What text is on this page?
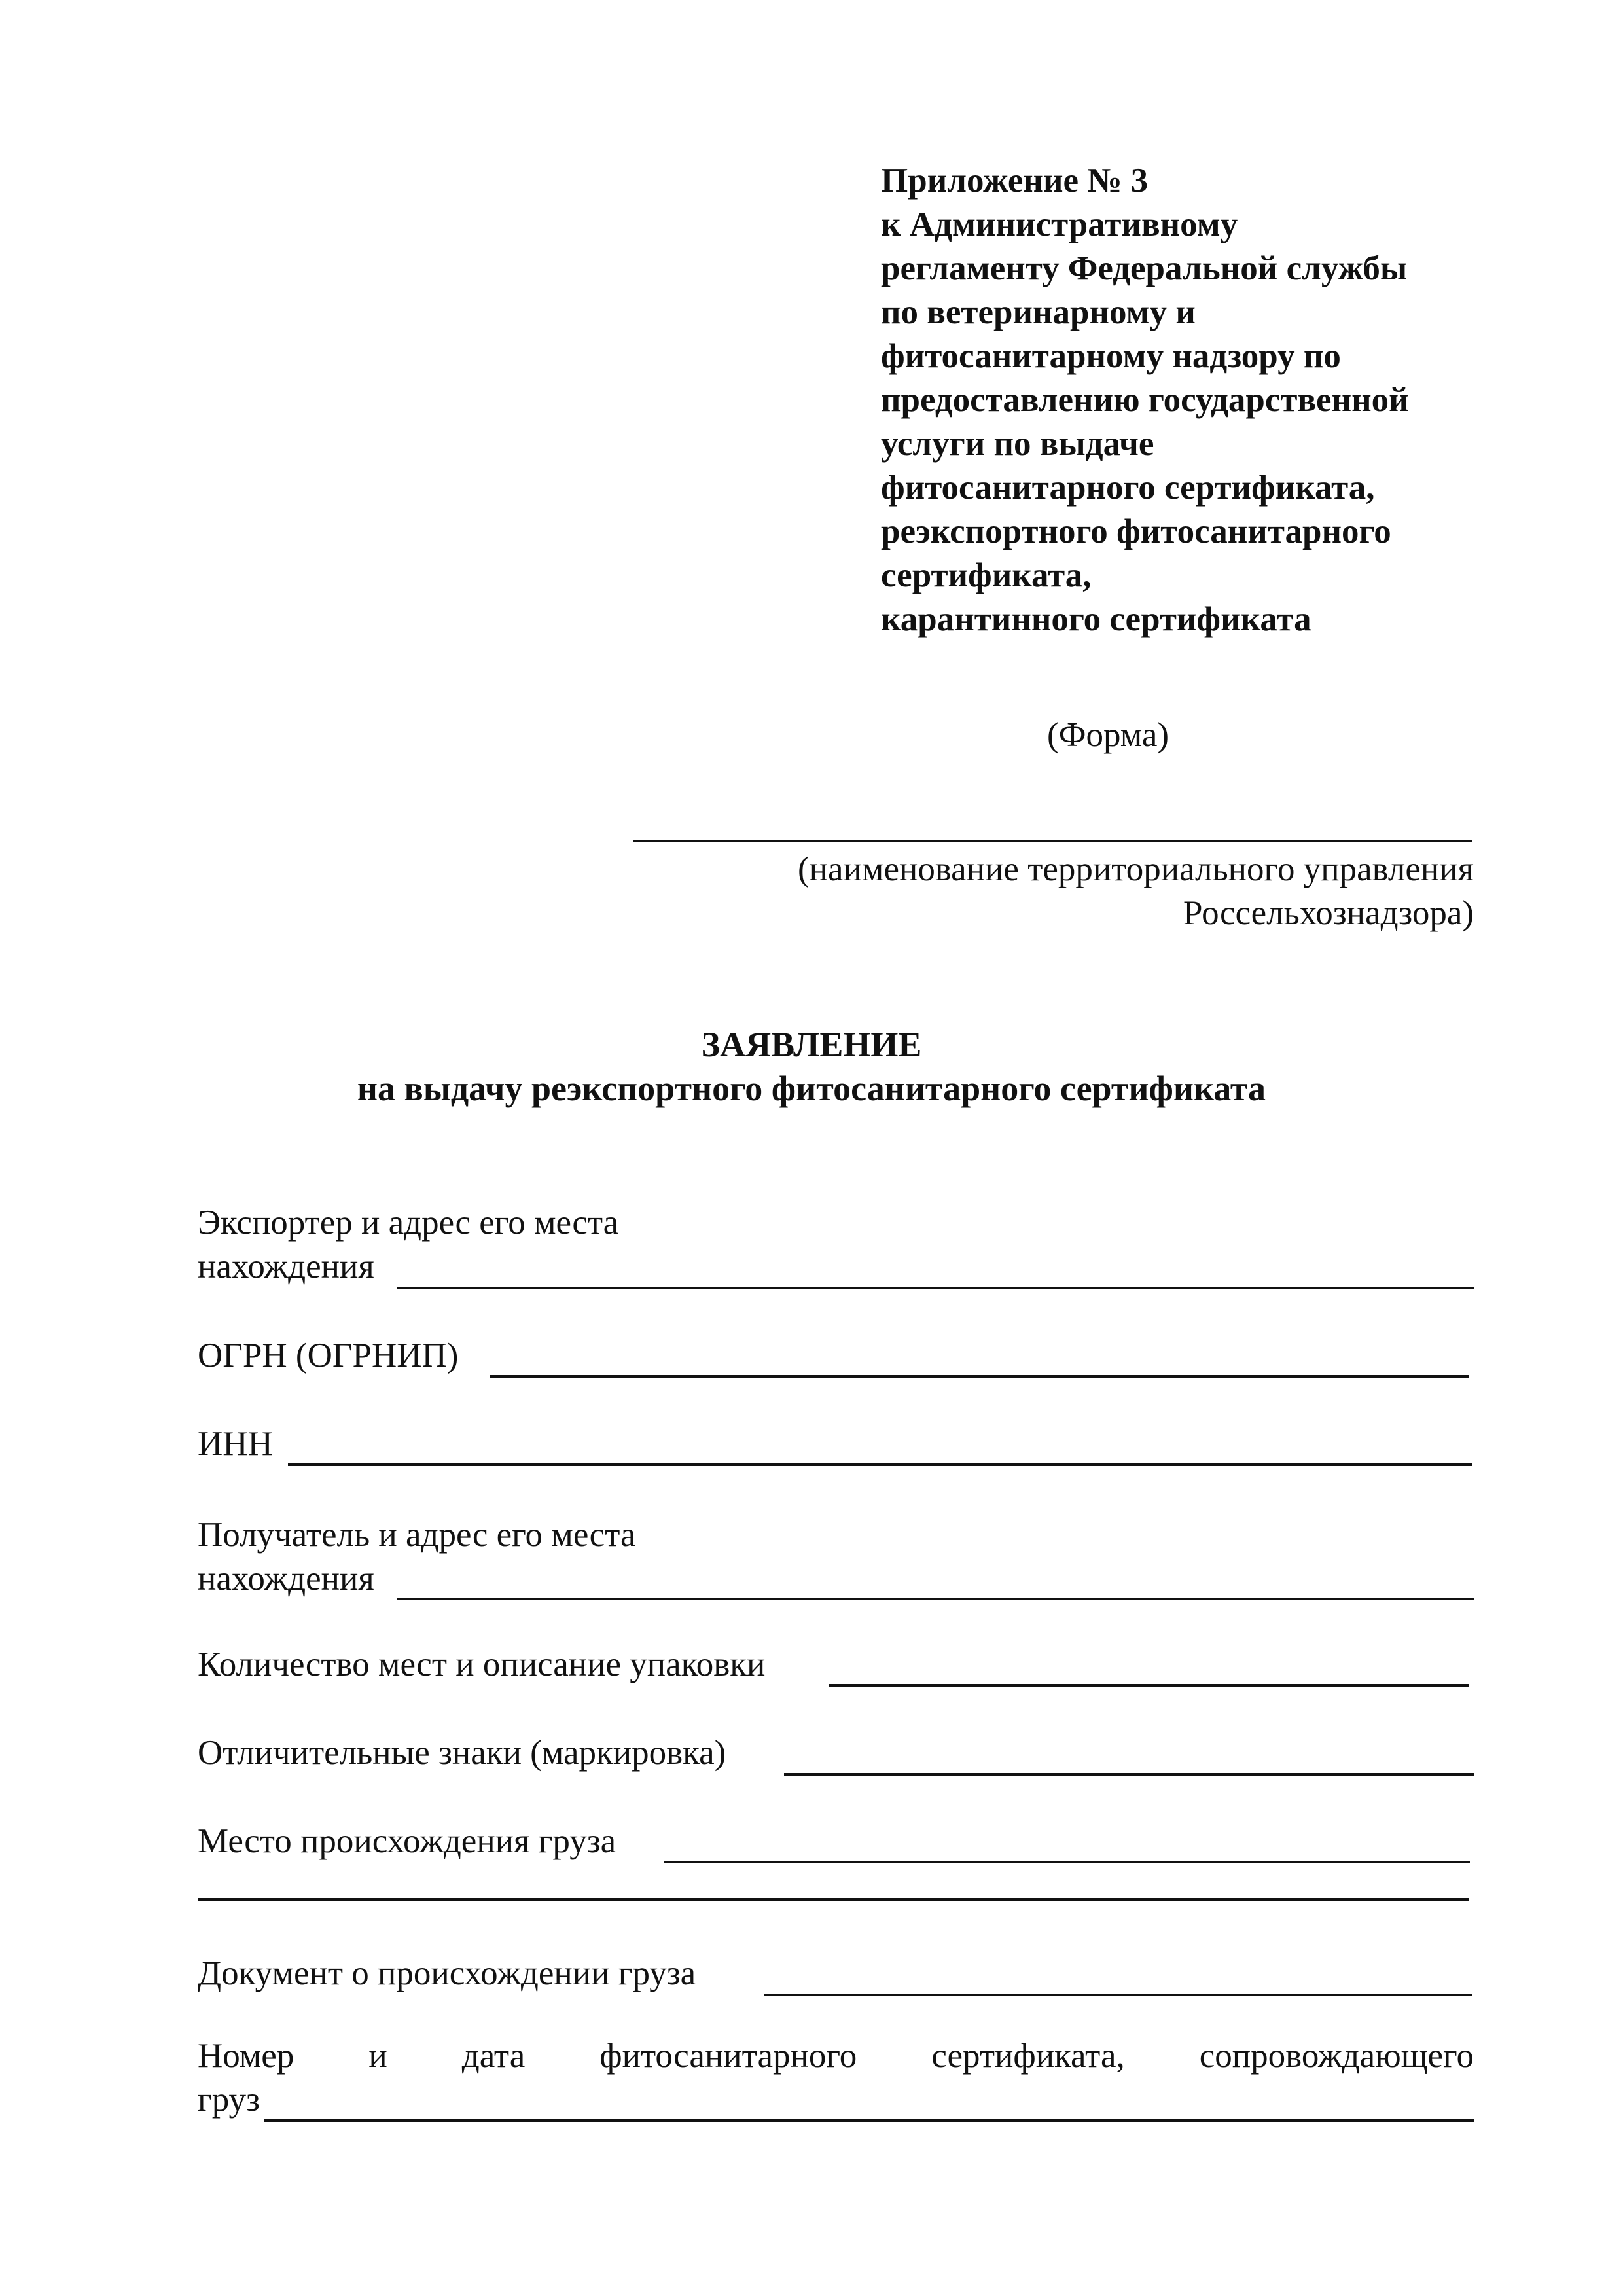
Приложение № 3
к Административному
регламенту Федеральной службы
по ветеринарному и
фитосанитарному надзору по
предоставлению государственной
услуги по выдаче
фитосанитарного сертификата,
реэкспортного фитосанитарного
сертификата,
карантинного сертификата
(Форма)
(наименование территориального управления
Россельхознадзора)
ЗАЯВЛЕНИЕ
на выдачу реэкспортного фитосанитарного сертификата
Экспортер и адрес его места
нахождения
ОГРН (ОГРНИП)
ИНН
Получатель и адрес его места
нахождения
Количество мест и описание упаковки
Отличительные знаки (маркировка)
Место происхождения груза
Документ о происхождении груза
Номер и дата фитосанитарного сертификата, сопровождающего
груз
